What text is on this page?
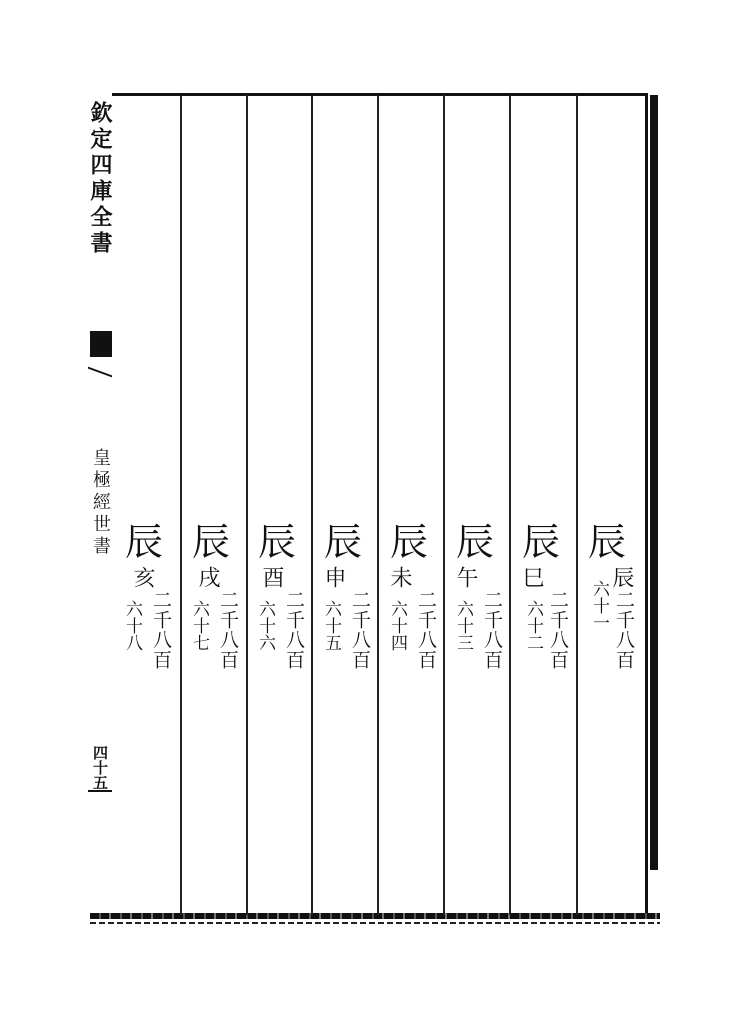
欽定四庫全書
皇極經世書
四十五
辰
辰
二千八百
六十一
辰
巳
二千八百
六十二
辰
午
二千八百
六十三
辰
未
二千八百
六十四
辰
申
二千八百
六十五
辰
酉
二千八百
六十六
辰
戌
二千八百
六十七
辰
亥
二千八百
六十八
